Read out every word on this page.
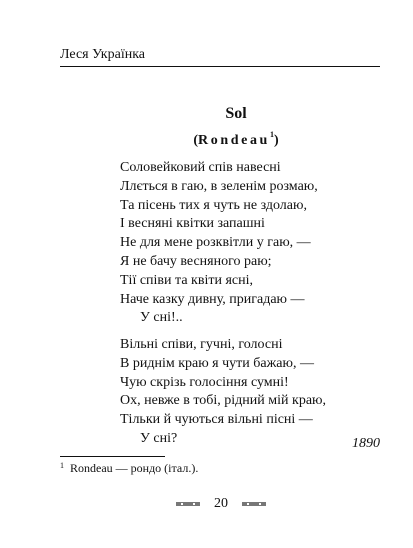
Леся Українка
Sol
(Rondeau$^1$)
Соловейковий спів навесні
Ллється в гаю, в зеленім розмаю,
Та пісень тих я чуть не здолаю,
І весняні квітки запашні
Не для мене розквітли у гаю, —
Я не бачу весняного раю;
Тії співи та квіти ясні,
Наче казку дивну, пригадаю —
У сні!..
Вільні співи, гучні, голосні
В риднім краю я чути бажаю, —
Чую скрізь голосіння сумні!
Ох, невже в тобі, рідний мій краю,
Тільки й чуються вільні пісні —
У сні?	1890
$^1$ Rondeau — рондо (італ.).
20
